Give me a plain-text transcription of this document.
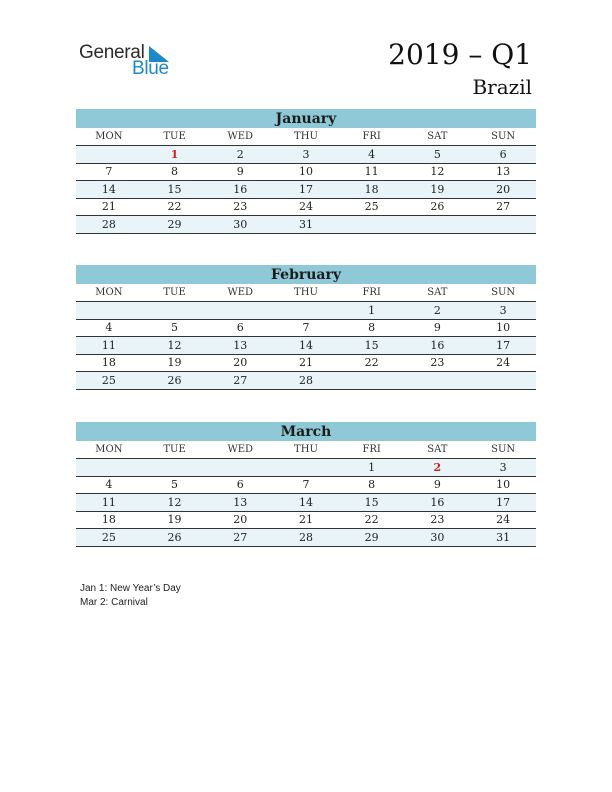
General
Blue	2019 – Q1
Brazil
January
MON	TUE	WED	THU	FRI	SAT	SUN
	1	2	3	4	5	6
7	8	9	10	11	12	13
14	15	16	17	18	19	20
21	22	23	24	25	26	27
28	29	30	31			
February
MON	TUE	WED	THU	FRI	SAT	SUN
				1	2	3
4	5	6	7	8	9	10
11	12	13	14	15	16	17
18	19	20	21	22	23	24
25	26	27	28			
March
MON	TUE	WED	THU	FRI	SAT	SUN
				1	2	3
4	5	6	7	8	9	10
11	12	13	14	15	16	17
18	19	20	21	22	23	24
25	26	27	28	29	30	31
Jan 1: New Year’s Day
Mar 2: Carnival
